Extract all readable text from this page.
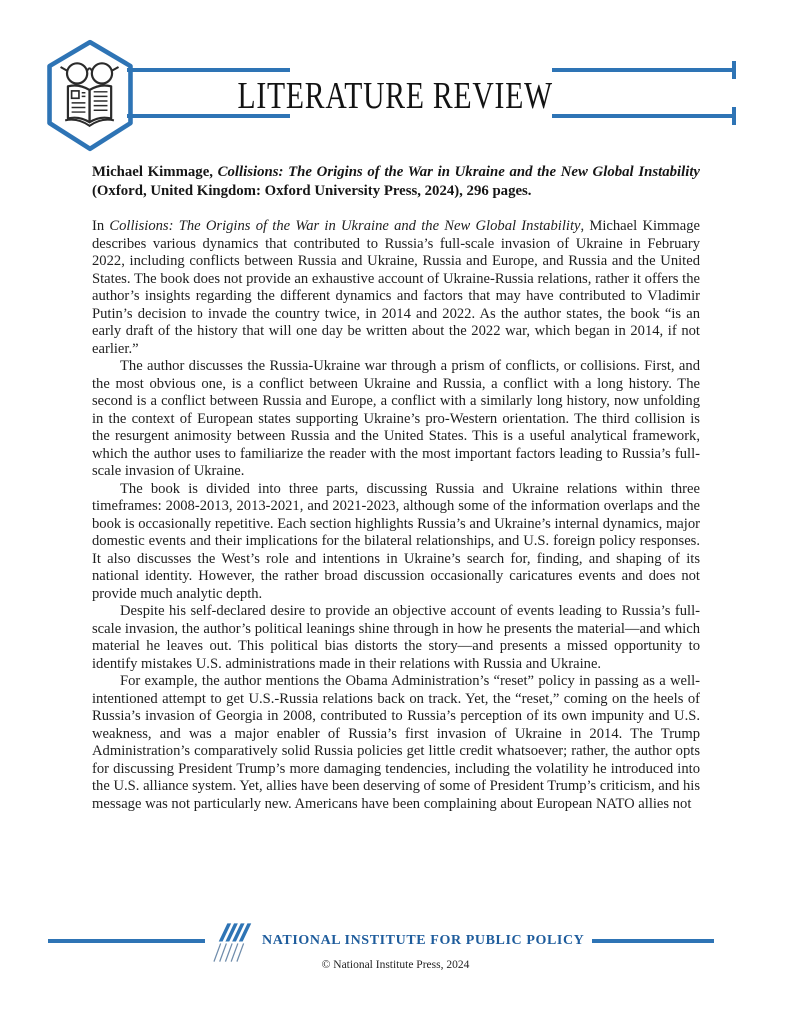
LITERATURE REVIEW

Michael Kimmage, Collisions: The Origins of the War in Ukraine and the New Global Instability (Oxford, United Kingdom: Oxford University Press, 2024), 296 pages.

In Collisions: The Origins of the War in Ukraine and the New Global Instability, Michael Kimmage describes various dynamics that contributed to Russia’s full-scale invasion of Ukraine in February 2022, including conflicts between Russia and Ukraine, Russia and Europe, and Russia and the United States. The book does not provide an exhaustive account of Ukraine-Russia relations, rather it offers the author’s insights regarding the different dynamics and factors that may have contributed to Vladimir Putin’s decision to invade the country twice, in 2014 and 2022. As the author states, the book “is an early draft of the history that will one day be written about the 2022 war, which began in 2014, if not earlier.”

The author discusses the Russia-Ukraine war through a prism of conflicts, or collisions. First, and the most obvious one, is a conflict between Ukraine and Russia, a conflict with a long history. The second is a conflict between Russia and Europe, a conflict with a similarly long history, now unfolding in the context of European states supporting Ukraine’s pro-Western orientation. The third collision is the resurgent animosity between Russia and the United States. This is a useful analytical framework, which the author uses to familiarize the reader with the most important factors leading to Russia’s full-scale invasion of Ukraine.

The book is divided into three parts, discussing Russia and Ukraine relations within three timeframes: 2008-2013, 2013-2021, and 2021-2023, although some of the information overlaps and the book is occasionally repetitive. Each section highlights Russia’s and Ukraine’s internal dynamics, major domestic events and their implications for the bilateral relationships, and U.S. foreign policy responses. It also discusses the West’s role and intentions in Ukraine’s search for, finding, and shaping of its national identity. However, the rather broad discussion occasionally caricatures events and does not provide much analytic depth.

Despite his self-declared desire to provide an objective account of events leading to Russia’s full-scale invasion, the author’s political leanings shine through in how he presents the material—and which material he leaves out. This political bias distorts the story—and presents a missed opportunity to identify mistakes U.S. administrations made in their relations with Russia and Ukraine.

For example, the author mentions the Obama Administration’s “reset” policy in passing as a well-intentioned attempt to get U.S.-Russia relations back on track. Yet, the “reset,” coming on the heels of Russia’s invasion of Georgia in 2008, contributed to Russia’s perception of its own impunity and U.S. weakness, and was a major enabler of Russia’s first invasion of Ukraine in 2014. The Trump Administration’s comparatively solid Russia policies get little credit whatsoever; rather, the author opts for discussing President Trump’s more damaging tendencies, including the volatility he introduced into the U.S. alliance system. Yet, allies have been deserving of some of President Trump’s criticism, and his message was not particularly new. Americans have been complaining about European NATO allies not

NATIONAL INSTITUTE FOR PUBLIC POLICY
© National Institute Press, 2024
